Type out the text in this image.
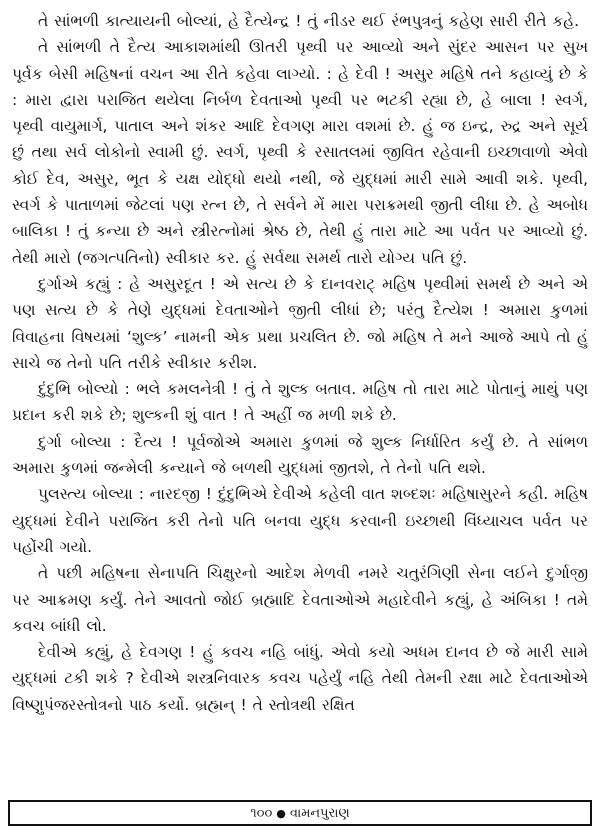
તે સાંભળી કાત્યાયની બોલ્યાં, હે દૈત્યેન્દ્ર ! તું નીડર થઈ રંભપુત્રનું કહેણ સારી રીતે કહે.

તે સાંભળી તે દૈત્ય આકાશમાંથી ઊતરી પૃથ્વી પર આવ્યો અને સુંદર આસન પર સુખ પૂર્વક બેસી મહિષનાં વચન આ રીતે કહેવા લાગ્યો. : હે દેવી ! અસુર મહિષે તને કહાવ્યું છે કે : મારા દ્વારા પરાજિત થયેલા નિર્બળ દેવતાઓ પૃથ્વી પર ભટકી રહ્યા છે, હે બાલા ! સ્વર્ગ, પૃથ્વી વાયુમાર્ગ, પાતાલ અને શંકર આદિ દેવગણ મારા વશમાં છે. હું જ ઇન્દ્ર, રુદ્ર અને સૂર્ય છું તથા સર્વ લોકોનો સ્વામી છું. સ્વર્ગ, પૃથ્વી કે રસાતલમાં જીવિત રહેવાની ઇચ્છાવાળો એવો કોઈ દેવ, અસુર, ભૂત કે યક્ષ યોદ્ધો થયો નથી, જે યુદ્ધમાં મારી સામે આવી શકે. પૃથ્વી, સ્વર્ગ કે પાતાળમાં જેટલાં પણ રત્ન છે, તે સર્વને મેં મારા પરાક્રમથી જીતી લીધા છે. હે અબોધ બાલિકા ! તું કન્યા છે અને સ્ત્રીરત્નોમાં શ્રેષ્ઠ છે, તેથી હું તારા માટે આ પર્વત પર આવ્યો છું. તેથી મારો (જગત્પતિનો) સ્વીકાર કર. હું સર્વથા સમર્થ તારો યોગ્ય પતિ છું.

દુર્ગાએ કહ્યું : હે અસુરદૂત ! એ સત્ય છે કે દાનવરાટ્ મહિષ પૃથ્વીમાં સમર્થ છે અને એ પણ સત્ય છે કે તેણે યુદ્ધમાં દેવતાઓને જીતી લીધાં છે; પરંતુ દૈત્યેશ ! અમારા કુળમાં વિવાહના વિષયમાં ‘શુલ્ક’ નામની એક પ્રથા પ્રચલિત છે. જો મહિષ તે મને આજે આપે તો હું સાચે જ તેનો પતિ તરીકે સ્વીકાર કરીશ.

દુંદુભિ બોલ્યો : ભલે કમલનેત્રી ! તું તે શુલ્ક બતાવ. મહિષ તો તારા માટે પોતાનું માથું પણ પ્રદાન કરી શકે છે; શુલ્કની શું વાત ! તે અહીં જ મળી શકે છે.

દુર્ગા બોલ્યા : દૈત્ય ! પૂર્વજોએ અમારા કુળમાં જે શુલ્ક નિર્ધારિત કર્યું છે. તે સાંભળ અમારા કુળમાં જન્મેલી કન્યાને જે બળથી યુદ્ધમાં જીતશે, તે તેનો પતિ થશે.

પુલસ્ત્ય બોલ્યા : નારદજી ! દુંદુભિએ દેવીએ કહેલી વાત શબ્દશઃ મહિષાસુરને કહી. મહિષ યુદ્ધમાં દેવીને પરાજિત કરી તેનો પતિ બનવા યુદ્ધ કરવાની ઇચ્છાથી વિંધ્યાચલ પર્વત પર પહોંચી ગયો.

તે પછી મહિષના સેનાપતિ ચિક્ષુરનો આદેશ મેળવી નમરે ચતુરંગિણી સેના લઈને દુર્ગાજી પર આક્રમણ કર્યું. તેને આવતો જોઈ બ્રહ્માદિ દેવતાઓએ મહાદેવીને કહ્યું, હે અંબિકા ! તમે કવચ બાંધી લો.

દેવીએ કહ્યું, હે દેવગણ ! હું કવચ નહિ બાંધું. એવો કયો અધમ દાનવ છે જે મારી સામે યુદ્ધમાં ટકી શકે ? દેવીએ શસ્ત્રનિવારક કવચ પહેર્યું નહિ તેથી તેમની રક્ષા માટે દેવતાઓએ વિષ્ણુપંજરસ્તોત્રનો પાઠ કર્યો. બ્રહ્મન્ ! તે સ્તોત્રથી રક્ષિત

૧૦૦ ● વામનપુરાણ
